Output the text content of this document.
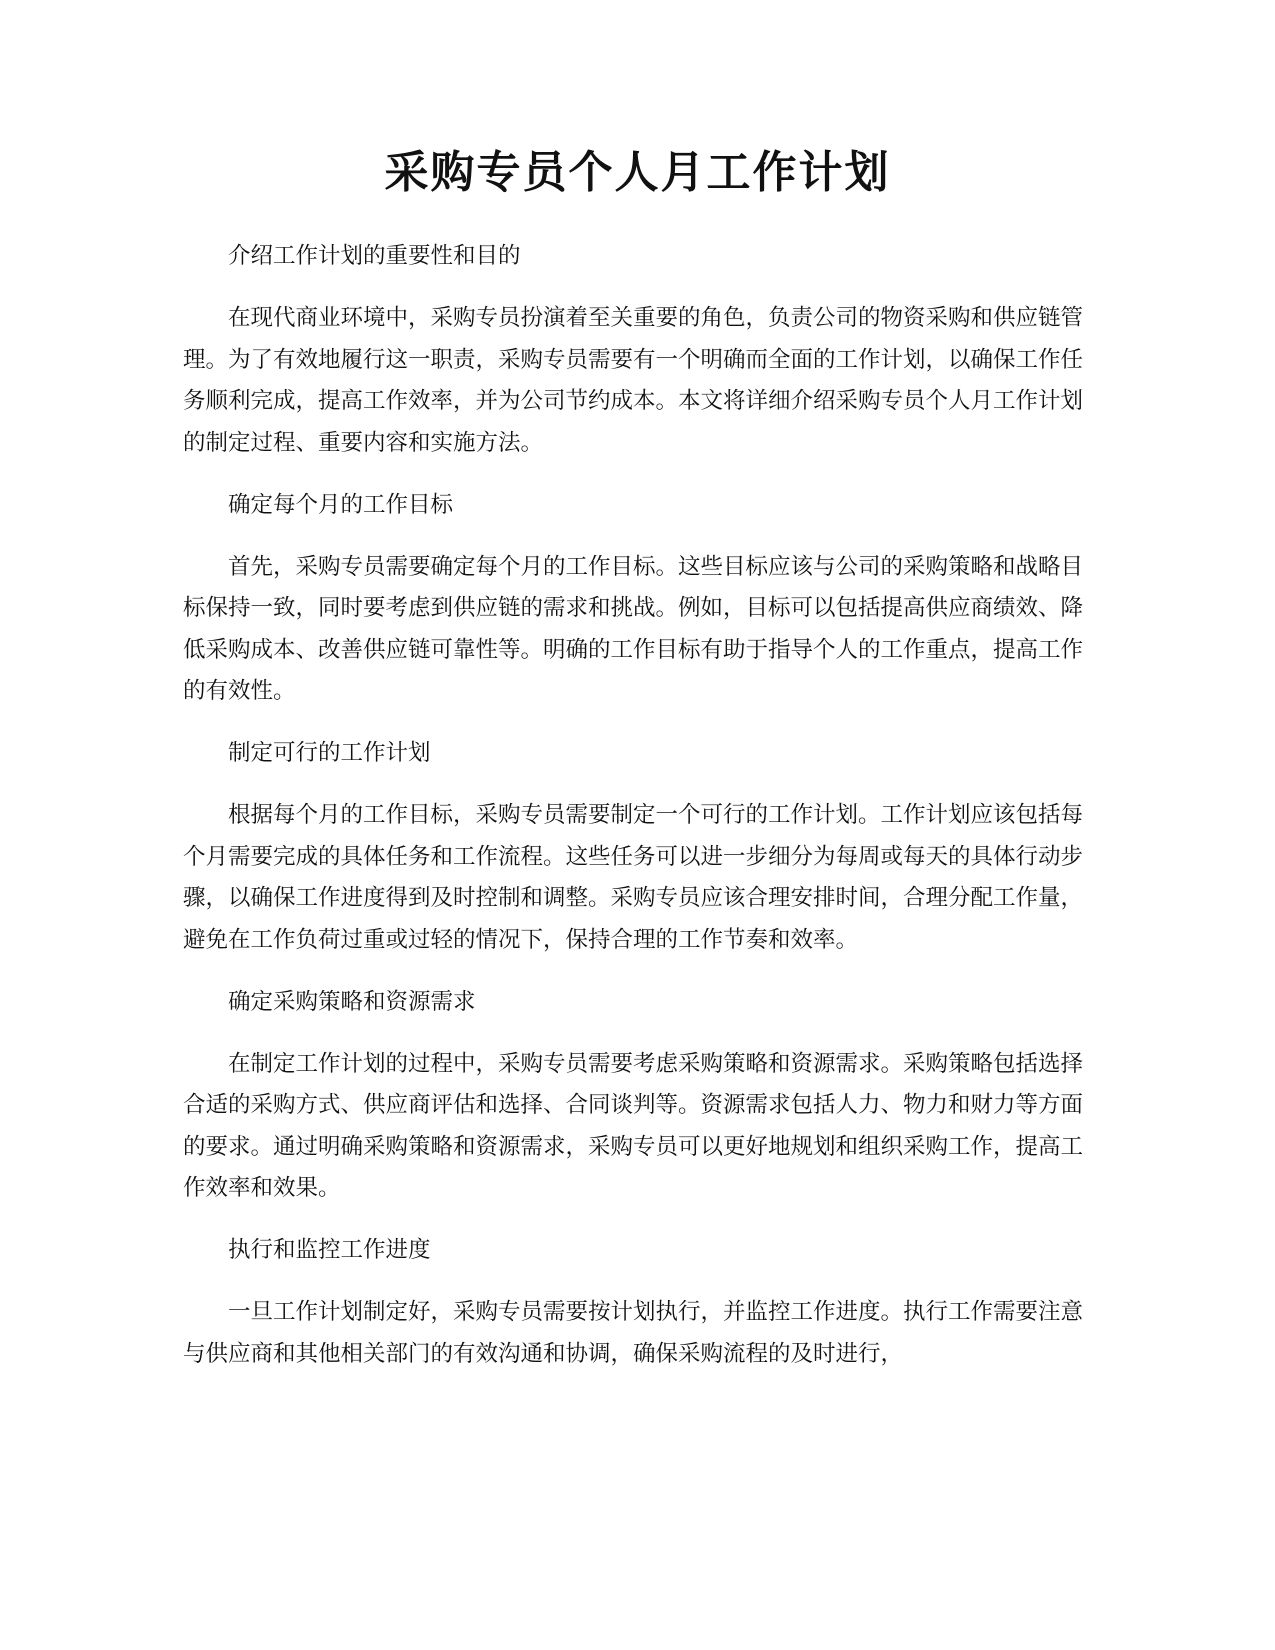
采购专员个人月工作计划

介绍工作计划的重要性和目的

在现代商业环境中，采购专员扮演着至关重要的角色，负责公司的物资采购和供应链管理。为了有效地履行这一职责，采购专员需要有一个明确而全面的工作计划，以确保工作任务顺利完成，提高工作效率，并为公司节约成本。本文将详细介绍采购专员个人月工作计划的制定过程、重要内容和实施方法。

确定每个月的工作目标

首先，采购专员需要确定每个月的工作目标。这些目标应该与公司的采购策略和战略目标保持一致，同时要考虑到供应链的需求和挑战。例如，目标可以包括提高供应商绩效、降低采购成本、改善供应链可靠性等。明确的工作目标有助于指导个人的工作重点，提高工作的有效性。

制定可行的工作计划

根据每个月的工作目标，采购专员需要制定一个可行的工作计划。工作计划应该包括每个月需要完成的具体任务和工作流程。这些任务可以进一步细分为每周或每天的具体行动步骤，以确保工作进度得到及时控制和调整。采购专员应该合理安排时间，合理分配工作量，避免在工作负荷过重或过轻的情况下，保持合理的工作节奏和效率。

确定采购策略和资源需求

在制定工作计划的过程中，采购专员需要考虑采购策略和资源需求。采购策略包括选择合适的采购方式、供应商评估和选择、合同谈判等。资源需求包括人力、物力和财力等方面的要求。通过明确采购策略和资源需求，采购专员可以更好地规划和组织采购工作，提高工作效率和效果。

执行和监控工作进度

一旦工作计划制定好，采购专员需要按计划执行，并监控工作进度。执行工作需要注意与供应商和其他相关部门的有效沟通和协调，确保采购流程的及时进行，
